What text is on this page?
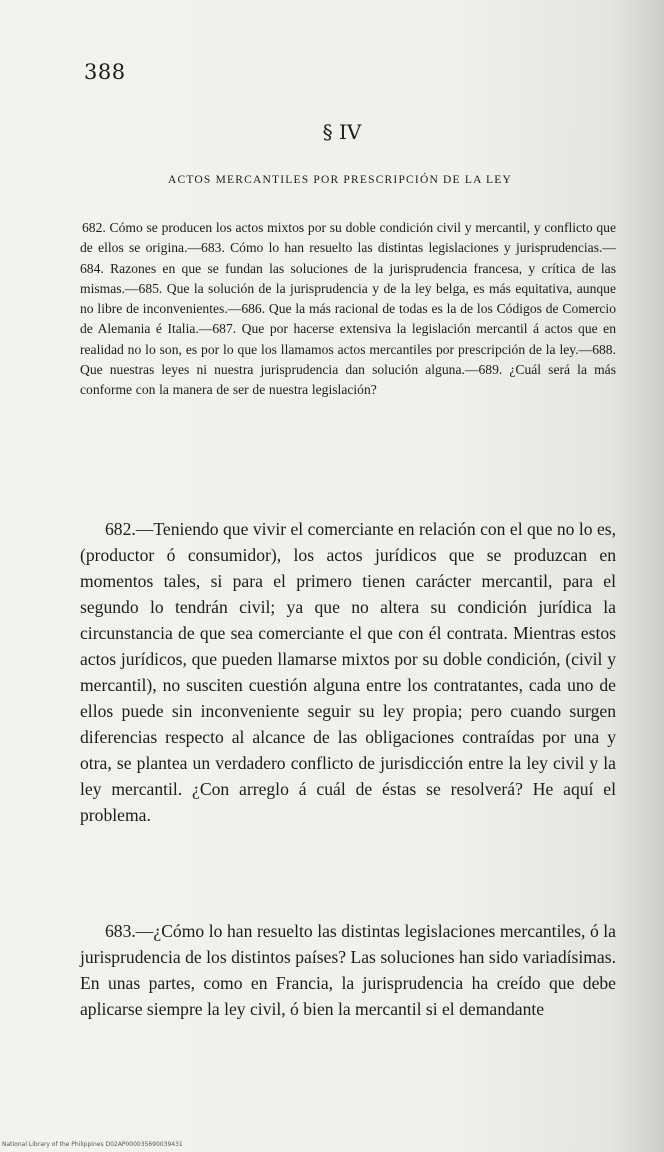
388
§ IV
ACTOS MERCANTILES POR PRESCRIPCIÓN DE LA LEY
682. Cómo se producen los actos mixtos por su doble condición civil y mercantil, y conflicto que de ellos se origina.—683. Cómo lo han resuelto las distintas legislaciones y jurisprudencias.—684. Razones en que se fundan las soluciones de la jurisprudencia francesa, y crítica de las mismas.—685. Que la solución de la jurisprudencia y de la ley belga, es más equitativa, aunque no libre de inconvenientes.—686. Que la más racional de todas es la de los Códigos de Comercio de Alemania é Italia.—687. Que por hacerse extensiva la legislación mercantil á actos que en realidad no lo son, es por lo que los llamamos actos mercantiles por prescripción de la ley.—688. Que nuestras leyes ni nuestra jurisprudencia dan solución alguna.—689. ¿Cuál será la más conforme con la manera de ser de nuestra legislación?

682.—Teniendo que vivir el comerciante en relación con el que no lo es, (productor ó consumidor), los actos jurídicos que se produzcan en momentos tales, si para el primero tienen carácter mercantil, para el segundo lo tendrán civil; ya que no altera su condición jurídica la circunstancia de que sea comerciante el que con él contrata. Mientras estos actos jurídicos, que pueden llamarse mixtos por su doble condición, (civil y mercantil), no susciten cuestión alguna entre los contratantes, cada uno de ellos puede sin inconveniente seguir su ley propia; pero cuando surgen diferencias respecto al alcance de las obligaciones contraídas por una y otra, se plantea un verdadero conflicto de jurisdicción entre la ley civil y la ley mercantil. ¿Con arreglo á cuál de éstas se resolverá? He aquí el problema.

683.—¿Cómo lo han resuelto las distintas legislaciones mercantiles, ó la jurisprudencia de los distintos países? Las soluciones han sido variadísimas. En unas partes, como en Francia, la jurisprudencia ha creído que debe aplicarse siempre la ley civil, ó bien la mercantil si el demandante

National Library of the Philippines D02AP000035690039431
